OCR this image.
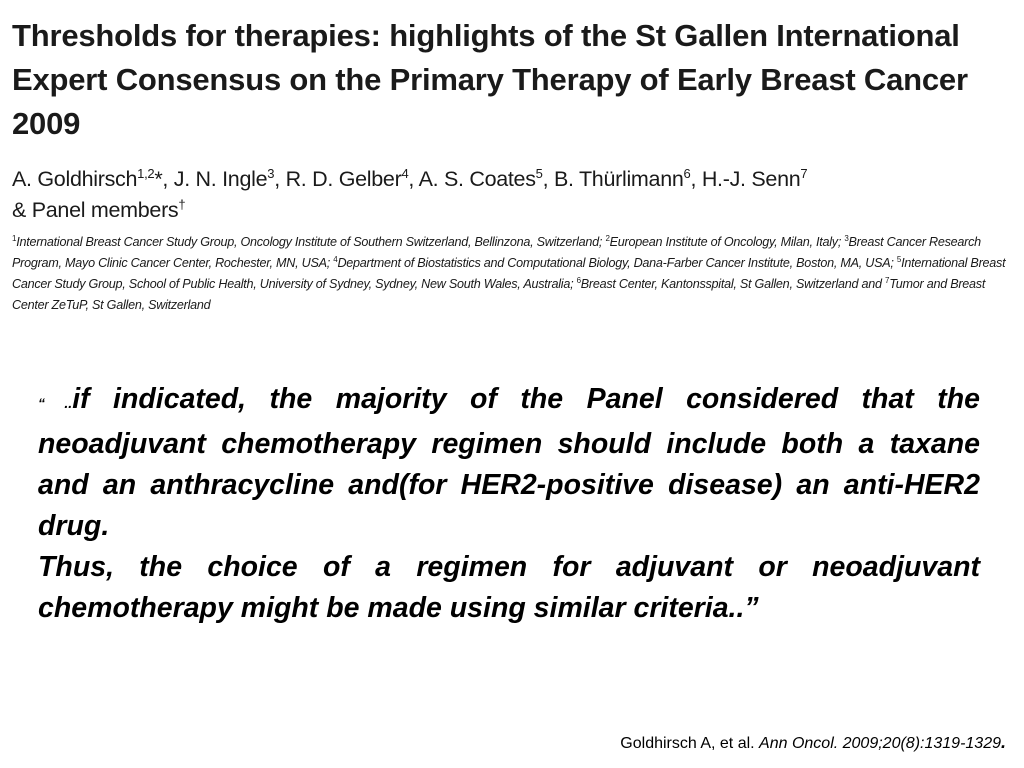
Thresholds for therapies: highlights of the St Gallen International Expert Consensus on the Primary Therapy of Early Breast Cancer 2009
A. Goldhirsch$^{1,2}$*, J. N. Ingle$^3$, R. D. Gelber$^4$, A. S. Coates$^5$, B. Thürlimann$^6$, H.-J. Senn$^7$
& Panel members†
$^1$International Breast Cancer Study Group, Oncology Institute of Southern Switzerland, Bellinzona, Switzerland; $^2$European Institute of Oncology, Milan, Italy; $^3$Breast Cancer Research Program, Mayo Clinic Cancer Center, Rochester, MN, USA; $^4$Department of Biostatistics and Computational Biology, Dana-Farber Cancer Institute, Boston, MA, USA; $^5$International Breast Cancer Study Group, School of Public Health, University of Sydney, Sydney, New South Wales, Australia; $^6$Breast Center, Kantonsspital, St Gallen, Switzerland and $^7$Tumor and Breast Center ZeTuP, St Gallen, Switzerland

“ ..if indicated, the majority of the Panel considered that the neoadjuvant chemotherapy regimen should include both a taxane and an anthracycline and(for HER2-positive disease) an anti-HER2 drug.

Thus, the choice of a regimen for adjuvant or neoadjuvant chemotherapy might be made using similar criteria..”

Goldhirsch A, et al. Ann Oncol. 2009;20(8):1319-1329.
